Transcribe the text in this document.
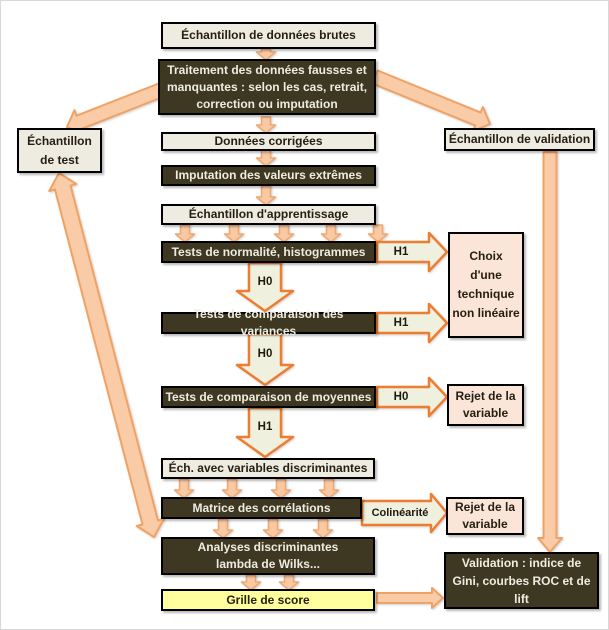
Échantillon de données brutes
Traitement des données fausses et manquantes : selon les cas, retrait, correction ou imputation
Données corrigées
Imputation des valeurs extrêmes
Échantillon d'apprentissage
Tests de normalité, histogrammes
Tests de comparaison des variances
Tests de comparaison de moyennes
Éch. avec variables discriminantes
Matrice des corrélations
Analyses discriminantes
lambda de Wilks...
Grille de score
Échantillon de test
Échantillon de validation
Choix d'une technique non linéaire
Rejet de la variable
Rejet de la variable
Validation : indice de Gini, courbes ROC et de lift
H1
H0
H1
H0
H0
H1
Colinéarité
